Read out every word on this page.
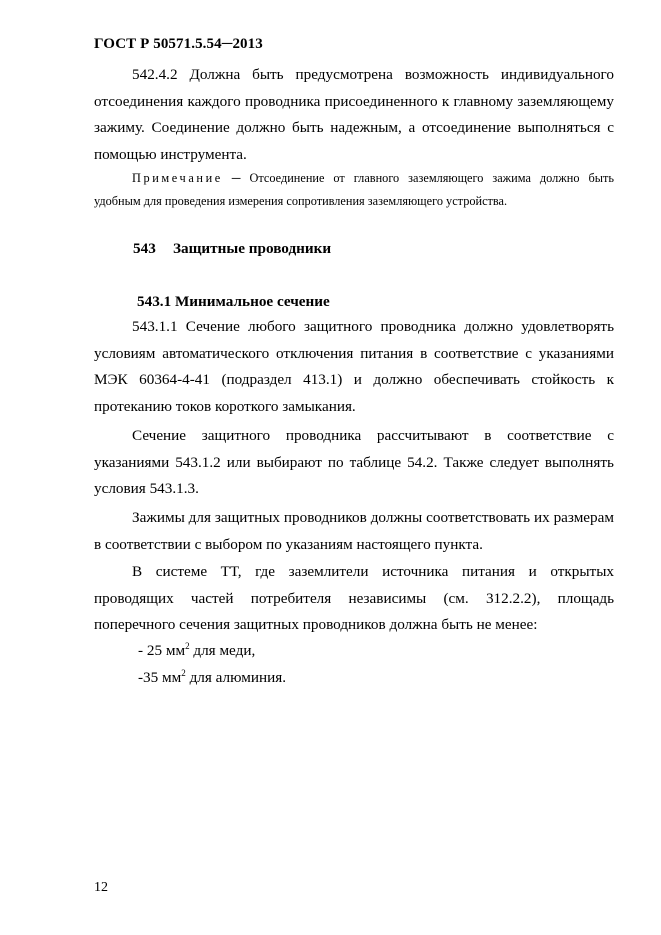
ГОСТ Р 50571.5.54─2013

542.4.2 Должна быть предусмотрена возможность индивидуального отсоединения каждого проводника присоединенного к главному заземляющему зажиму. Соединение должно быть надежным, а отсоединение выполняться с помощью инструмента.

Примечание ─ Отсоединение от главного заземляющего зажима должно быть удобным для проведения измерения сопротивления заземляющего устройства.

543 Защитные проводники

543.1 Минимальное сечение

543.1.1 Сечение любого защитного проводника должно удовлетворять условиям автоматического отключения питания в соответствие с указаниями МЭК 60364-4-41 (подраздел 413.1) и должно обеспечивать стойкость к протеканию токов короткого замыкания.

Сечение защитного проводника рассчитывают в соответствие с указаниями 543.1.2 или выбирают по таблице 54.2. Также следует выполнять условия 543.1.3.

Зажимы для защитных проводников должны соответствовать их размерам в соответствии с выбором по указаниям настоящего пункта.

В системе ТТ, где заземлители источника питания и открытых проводящих частей потребителя независимы (см. 312.2.2), площадь поперечного сечения защитных проводников должна быть не менее:

- 25 $мм^2$ для меди,

-35 $мм^2$ для алюминия.

12
